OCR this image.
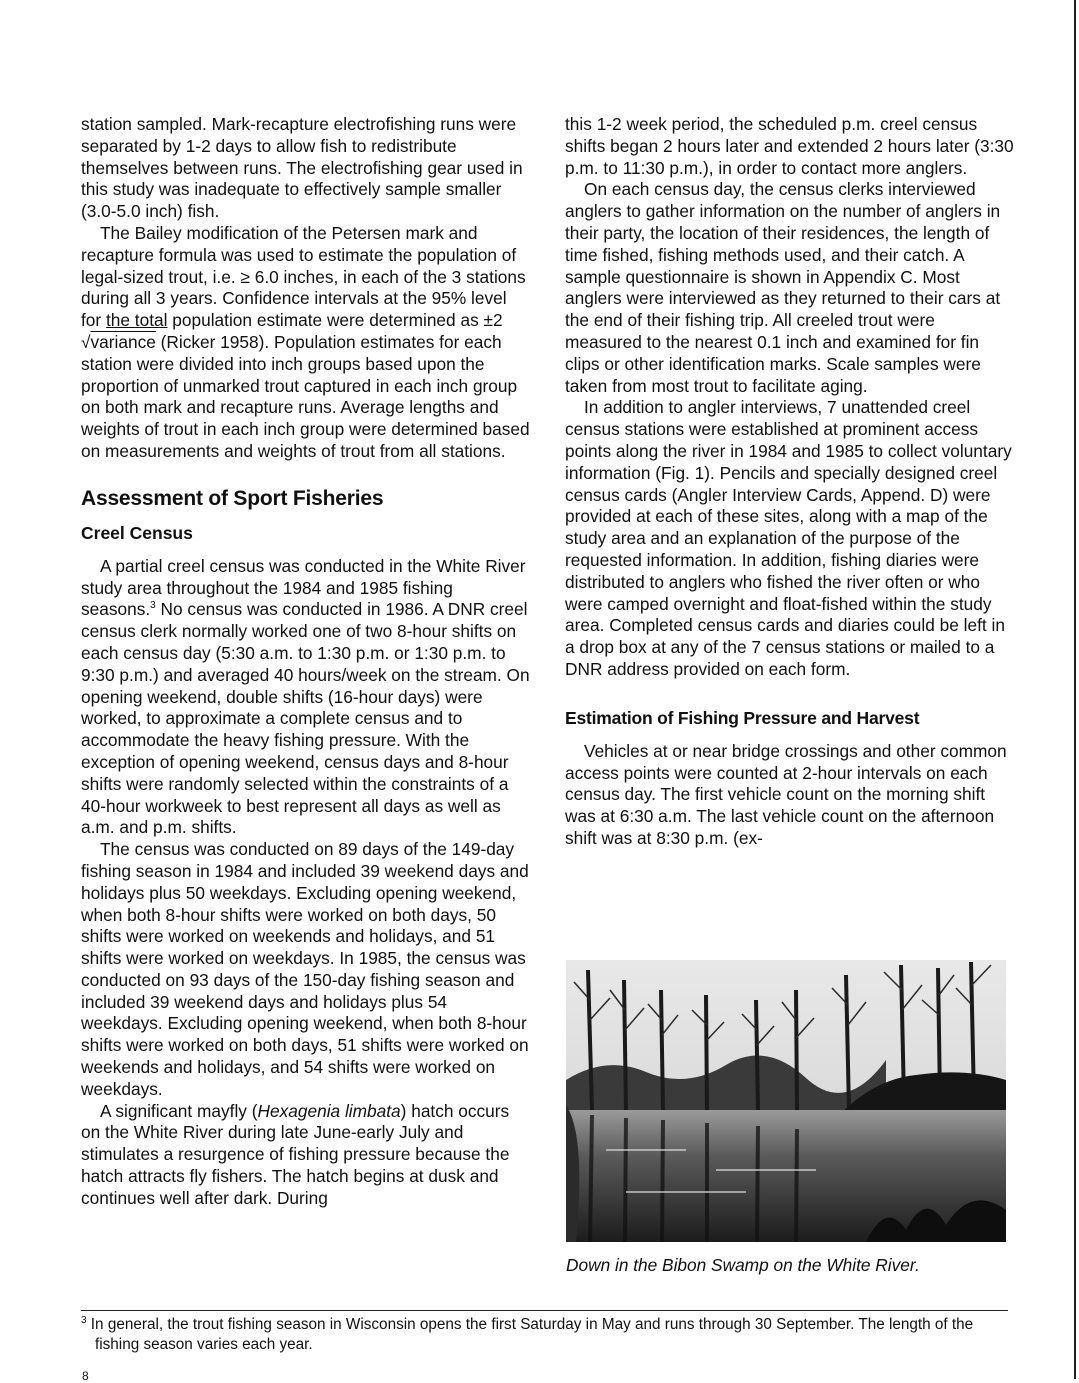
station sampled. Mark-recapture electrofishing runs were separated by 1-2 days to allow fish to redistribute themselves between runs. The electrofishing gear used in this study was inadequate to effectively sample smaller (3.0-5.0 inch) fish.

The Bailey modification of the Petersen mark and recapture formula was used to estimate the population of legal-sized trout, i.e. ≥ 6.0 inches, in each of the 3 stations during all 3 years. Confidence intervals at the 95% level for the total population estimate were determined as ±2 √variance (Ricker 1958). Population estimates for each station were divided into inch groups based upon the proportion of unmarked trout captured in each inch group on both mark and recapture runs. Average lengths and weights of trout in each inch group were determined based on measurements and weights of trout from all stations.

Assessment of Sport Fisheries
Creel Census

A partial creel census was conducted in the White River study area throughout the 1984 and 1985 fishing seasons.$^3$ No census was conducted in 1986. A DNR creel census clerk normally worked one of two 8-hour shifts on each census day (5:30 a.m. to 1:30 p.m. or 1:30 p.m. to 9:30 p.m.) and averaged 40 hours/week on the stream. On opening weekend, double shifts (16-hour days) were worked, to approximate a complete census and to accommodate the heavy fishing pressure. With the exception of opening weekend, census days and 8-hour shifts were randomly selected within the constraints of a 40-hour workweek to best represent all days as well as a.m. and p.m. shifts.

The census was conducted on 89 days of the 149-day fishing season in 1984 and included 39 weekend days and holidays plus 50 weekdays. Excluding opening weekend, when both 8-hour shifts were worked on both days, 50 shifts were worked on weekends and holidays, and 51 shifts were worked on weekdays. In 1985, the census was conducted on 93 days of the 150-day fishing season and included 39 weekend days and holidays plus 54 weekdays. Excluding opening weekend, when both 8-hour shifts were worked on both days, 51 shifts were worked on weekends and holidays, and 54 shifts were worked on weekdays.

A significant mayfly (Hexagenia limbata) hatch occurs on the White River during late June-early July and stimulates a resurgence of fishing pressure because the hatch attracts fly fishers. The hatch begins at dusk and continues well after dark. During

this 1-2 week period, the scheduled p.m. creel census shifts began 2 hours later and extended 2 hours later (3:30 p.m. to 11:30 p.m.), in order to contact more anglers.

On each census day, the census clerks interviewed anglers to gather information on the number of anglers in their party, the location of their residences, the length of time fished, fishing methods used, and their catch. A sample questionnaire is shown in Appendix C. Most anglers were interviewed as they returned to their cars at the end of their fishing trip. All creeled trout were measured to the nearest 0.1 inch and examined for fin clips or other identification marks. Scale samples were taken from most trout to facilitate aging.

In addition to angler interviews, 7 unattended creel census stations were established at prominent access points along the river in 1984 and 1985 to collect voluntary information (Fig. 1). Pencils and specially designed creel census cards (Angler Interview Cards, Append. D) were provided at each of these sites, along with a map of the study area and an explanation of the purpose of the requested information. In addition, fishing diaries were distributed to anglers who fished the river often or who were camped overnight and float-fished within the study area. Completed census cards and diaries could be left in a drop box at any of the 7 census stations or mailed to a DNR address provided on each form.

Estimation of Fishing Pressure and Harvest

Vehicles at or near bridge crossings and other common access points were counted at 2-hour intervals on each census day. The first vehicle count on the morning shift was at 6:30 a.m. The last vehicle count on the afternoon shift was at 8:30 p.m. (ex-

Down in the Bibon Swamp on the White River.

$^3$ In general, the trout fishing season in Wisconsin opens the first Saturday in May and runs through 30 September. The length of the fishing season varies each year.

8
